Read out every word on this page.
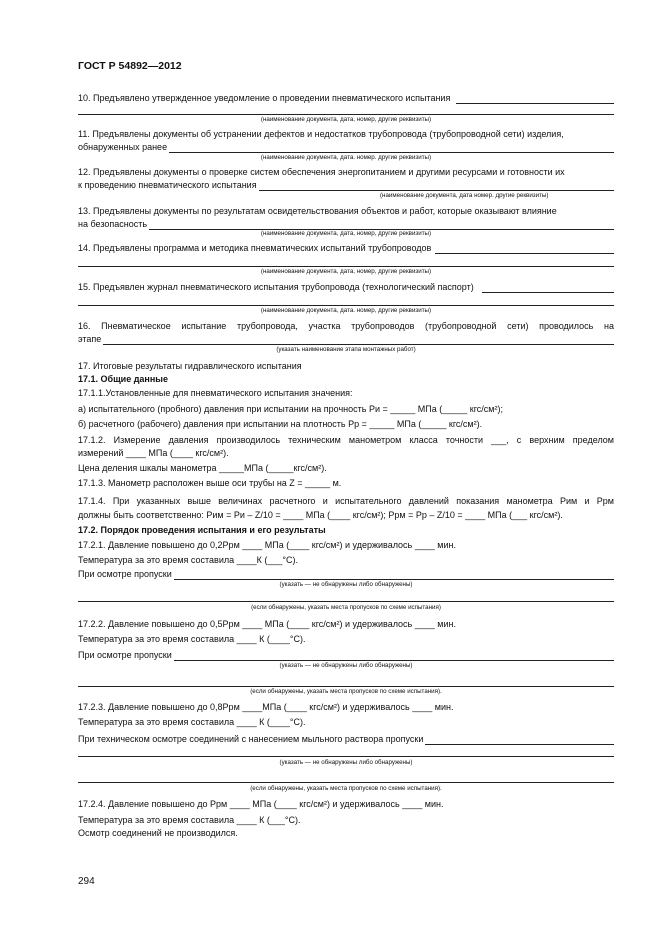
ГОСТ Р 54892—2012
10. Предъявлено утвержденное уведомление о проведении пневматического испытания
(наименование документа, дата, номер, другие реквизиты)
11. Предъявлены документы об устранении дефектов и недостатков трубопровода (трубопроводной сети) изделия,
обнаруженных ранее
(наименование документа, дата. номер. другие реквизиты)
12. Предъявлены документы о проверке систем обеспечения энергопитанием и другими ресурсами и готовности их
к проведению пневматического испытания
(наименование документа, дата номер. другие реквизиты)
13. Предъявлены документы по результатам освидетельствования объектов и работ, которые оказывают влияние
на безопасность
(наименование документа, дата, номер, другие реквизиты)
14. Предъявлены программа и методика пневматических испытаний трубопроводов
(наименование документа, дата, номер, другие реквизиты)
15. Предъявлен журнал пневматического испытания трубопровода (технологический паспорт)
(наименование документа, дата. номер, другие реквизиты)
16. Пневматическое испытание трубопровода, участка трубопроводов (трубопроводной сети) проводилось на
этапе
(указать наименование этапа монтажных работ)
17. Итоговые результаты гидравлического испытания
17.1. Общие данные
17.1.1.Установленные для пневматического испытания значения:
а) испытательного (пробного) давления при испытании на прочность Pи = _____ МПа (_____ кгс/см²);
б) расчетного (рабочего) давления при испытании на плотность Pр = _____ МПа (_____ кгс/см²).
17.1.2. Измерение давления производилось техническим манометром класса точности ___, с верхним пределом
измерений ____ МПа (____ кгс/см²).
Цена деления шкалы манометра _____МПа (_____кгс/см²).
17.1.3. Манометр расположен выше оси трубы на Z = _____ м.
17.1.4. При указанных выше величинах расчетного и испытательного давлений показания манометра Pим и Pрм
должны быть соответственно: Pим = Pи – Z/10 = ____ МПа (____ кгс/см²); Pрм = Pр – Z/10 = ____ МПа (___ кгс/см²).
17.2. Порядок проведения испытания и его результаты
17.2.1. Давление повышено до 0,2Pрм ____ МПа (____ кгс/см²) и удерживалось ____ мин.
Температура за это время составила ____К (___°С).
При осмотре пропуски
(указать — не обнаружены либо обнаружены)
(если обнаружены, указать места пропусков по схеме испытания)
17.2.2. Давление повышено до 0,5Pрм ____ МПа (____ кгс/см²) и удерживалось ____ мин.
Температура за это время составила ____ К (____°С).
При осмотре пропуски
(указать — не обнаружены либо обнаружены)
(если обнаружены, указать места пропусков по схеме испытания).
17.2.3. Давление повышено до 0,8Pрм ____МПа (____ кгс/см²) и удерживалось ____ мин.
Температура за это время составила ____ К (____°С).
При техническом осмотре соединений с нанесением мыльного раствора пропуски
(указать — не обнаружены либо обнаружены)
(если обнаружены, указать места пропусков по схеме испытания).
17.2.4. Давление повышено до Pрм ____ МПа (____ кгс/см²) и удерживалось ____ мин.
Температура за это время составила ____ К (___°С).
Осмотр соединений не производился.
294
